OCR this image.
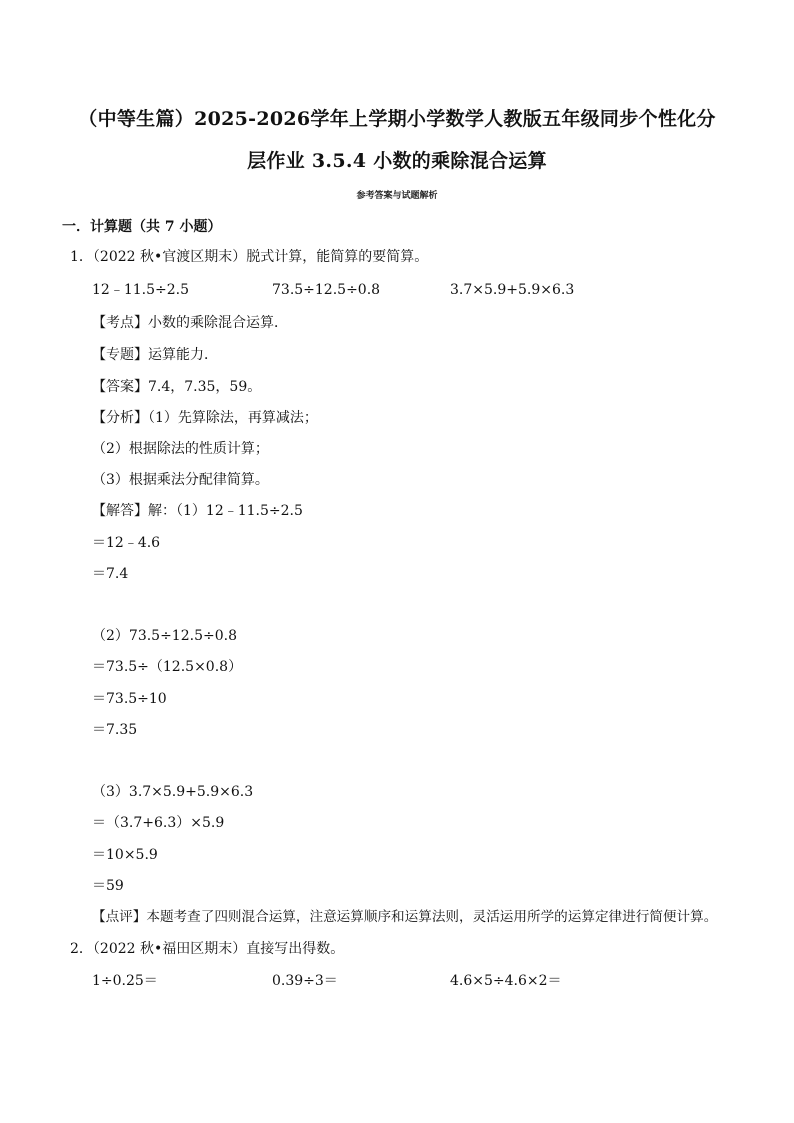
（中等生篇）2025-2026学年上学期小学数学人教版五年级同步个性化分
层作业 3.5.4 小数的乘除混合运算
参考答案与试题解析
一．计算题（共 7 小题）
1．（2022 秋•官渡区期末）脱式计算，能简算的要简算。
12﹣11.5÷2.5	73.5÷12.5÷0.8	3.7×5.9+5.9×6.3
【考点】小数的乘除混合运算．
【专题】运算能力．
【答案】7.4，7.35，59。
【分析】（1）先算除法，再算减法；
（2）根据除法的性质计算；
（3）根据乘法分配律简算。
【解答】解：（1）12﹣11.5÷2.5
＝12﹣4.6
＝7.4
（2）73.5÷12.5÷0.8
＝73.5÷（12.5×0.8）
＝73.5÷10
＝7.35
（3）3.7×5.9+5.9×6.3
＝（3.7+6.3）×5.9
＝10×5.9
＝59
【点评】本题考查了四则混合运算，注意运算顺序和运算法则，灵活运用所学的运算定律进行简便计算。
2．（2022 秋•福田区期末）直接写出得数。
1÷0.25＝	0.39÷3＝	4.6×5÷4.6×2＝
